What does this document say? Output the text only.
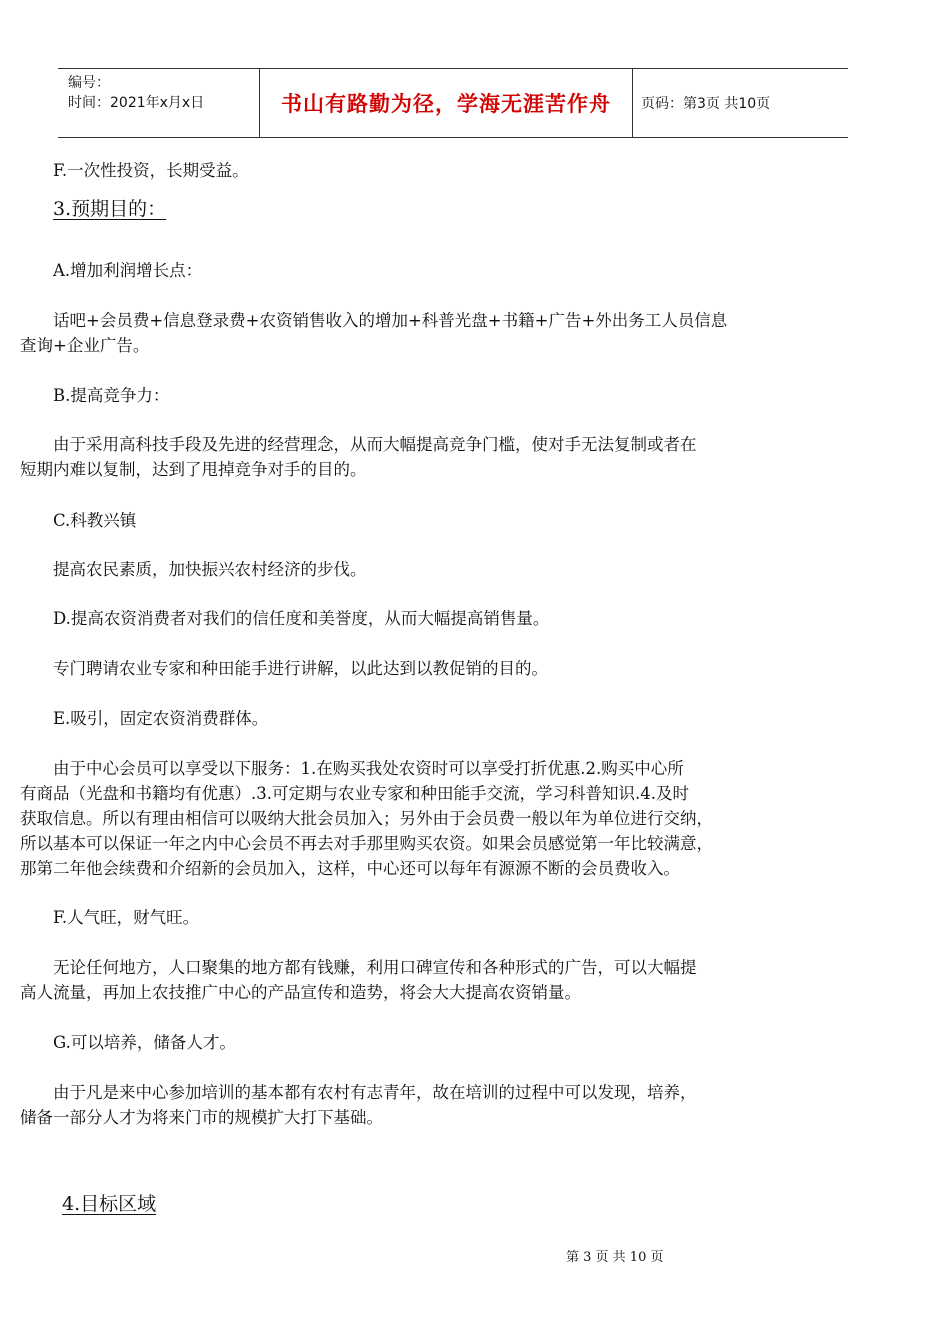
编号：
时间：2021年x月x日	书山有路勤为径，学海无涯苦作舟	页码：第3页 共10页
F.一次性投资，长期受益。
3.预期目的：
A.增加利润增长点：
话吧+会员费+信息登录费+农资销售收入的增加+科普光盘+书籍+广告+外出务工人员信息
查询+企业广告。
B.提高竞争力：
由于采用高科技手段及先进的经营理念，从而大幅提高竞争门槛，使对手无法复制或者在
短期内难以复制，达到了甩掉竞争对手的目的。
C.科教兴镇
提高农民素质，加快振兴农村经济的步伐。
D.提高农资消费者对我们的信任度和美誉度，从而大幅提高销售量。
专门聘请农业专家和种田能手进行讲解，以此达到以教促销的目的。
E.吸引，固定农资消费群体。
由于中心会员可以享受以下服务：1.在购买我处农资时可以享受打折优惠.2.购买中心所
有商品（光盘和书籍均有优惠）.3.可定期与农业专家和种田能手交流，学习科普知识.4.及时
获取信息。所以有理由相信可以吸纳大批会员加入；另外由于会员费一般以年为单位进行交纳，
所以基本可以保证一年之内中心会员不再去对手那里购买农资。如果会员感觉第一年比较满意，
那第二年他会续费和介绍新的会员加入，这样，中心还可以每年有源源不断的会员费收入。
F.人气旺，财气旺。
无论任何地方，人口聚集的地方都有钱赚，利用口碑宣传和各种形式的广告，可以大幅提
高人流量，再加上农技推广中心的产品宣传和造势，将会大大提高农资销量。
G.可以培养，储备人才。
由于凡是来中心参加培训的基本都有农村有志青年，故在培训的过程中可以发现，培养，
储备一部分人才为将来门市的规模扩大打下基础。
4.目标区域
第 3 页 共 10 页
